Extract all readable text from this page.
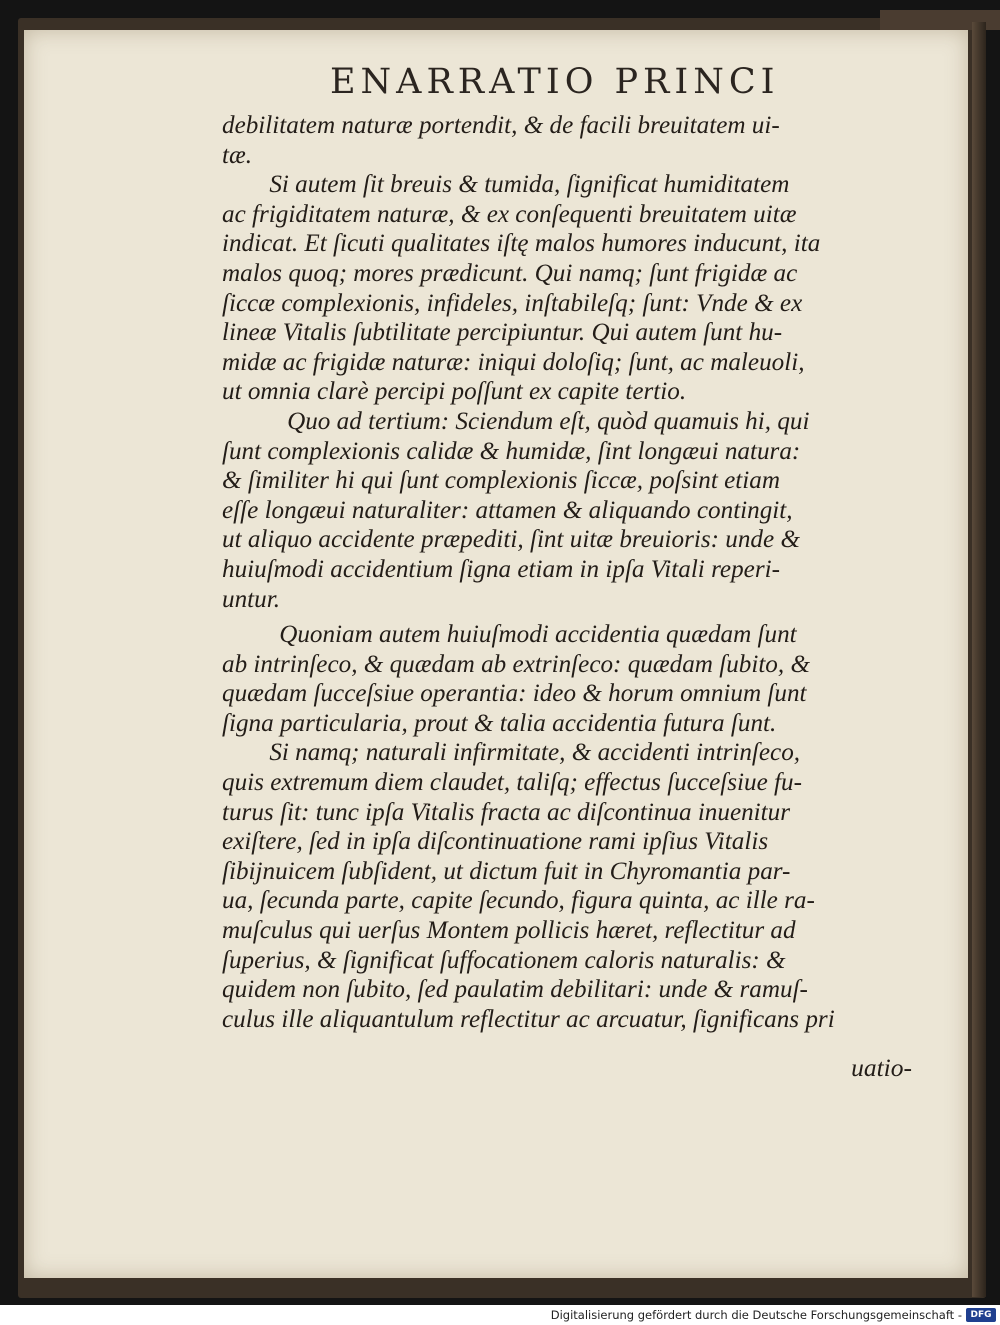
ENARRATIO PRINCI
debilitatem naturæ portendit, & de facili breuitatem ui-
tæ.
Si autem ſit breuis & tumida, ſignificat humiditatem
ac frigiditatem naturæ, & ex conſequenti breuitatem uitæ
indicat. Et ſicuti qualitates iſtę malos humores inducunt, ita
malos quoq; mores prædicunt. Qui namq; ſunt frigidæ ac
ſiccæ complexionis, infideles, inſtabileſq; ſunt: Vnde & ex
lineæ Vitalis ſubtilitate percipiuntur. Qui autem ſunt hu-
midæ ac frigidæ naturæ: iniqui doloſiq; ſunt, ac maleuoli,
ut omnia clarè percipi poſſunt ex capite tertio.
Quo ad tertium: Sciendum eſt, quòd quamuis hi, qui
ſunt complexionis calidæ & humidæ, ſint longæui natura:
& ſimiliter hi qui ſunt complexionis ſiccæ, poſsint etiam
eſſe longæui naturaliter: attamen & aliquando contingit,
ut aliquo accidente præpediti, ſint uitæ breuioris: unde &
huiuſmodi accidentium ſigna etiam in ipſa Vitali reperi-
untur.
Quoniam autem huiuſmodi accidentia quædam ſunt
ab intrinſeco, & quædam ab extrinſeco: quædam ſubito, &
quædam ſucceſsiue operantia: ideo & horum omnium ſunt
ſigna particularia, prout & talia accidentia futura ſunt.
Si namq; naturali infirmitate, & accidenti intrinſeco,
quis extremum diem claudet, taliſq; effectus ſucceſsiue fu-
turus ſit: tunc ipſa Vitalis fracta ac diſcontinua inuenitur
exiſtere, ſed in ipſa diſcontinuatione rami ipſius Vitalis
ſibijnuicem ſubſident, ut dictum fuit in Chyromantia par-
ua, ſecunda parte, capite ſecundo, figura quinta, ac ille ra-
muſculus qui uerſus Montem pollicis hæret, reflectitur ad
ſuperius, & ſignificat ſuffocationem caloris naturalis: &
quidem non ſubito, ſed paulatim debilitari: unde & ramuſ-
culus ille aliquantulum reflectitur ac arcuatur, ſignificans pri
uatio-
Digitalisierung gefördert durch die Deutsche Forschungsgemeinschaft - DFG
